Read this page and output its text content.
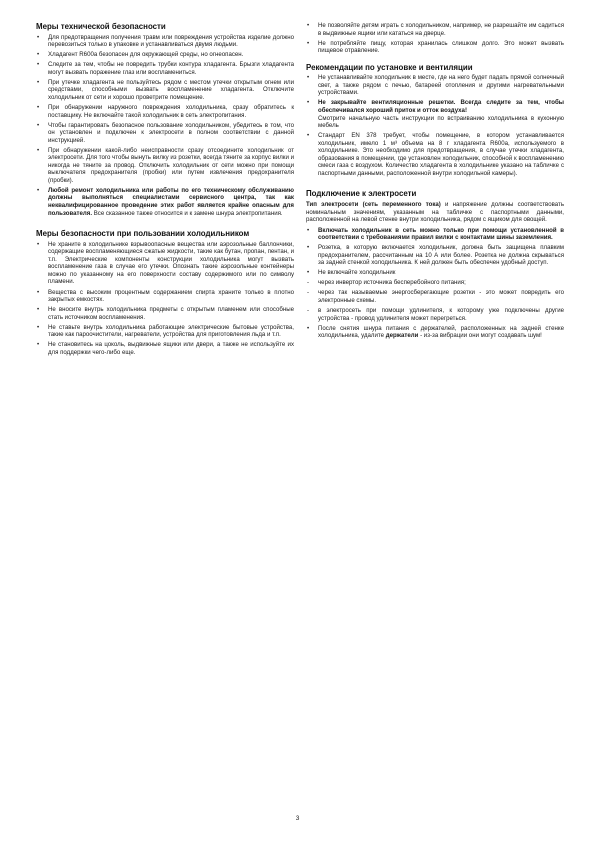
Меры технической безопасности
•	Для предотвращения получения травм или повреждения устройства изделие должно перевозиться только в упаковке и устанавливаться двумя людьми.
•	Хладагент R600a безопасен для окружающей среды, но огнеопасен.
•	Следите за тем, чтобы не повредить трубки контура хладагента. Брызги хладагента могут вызвать поражение глаз или воспламениться.
•	При утечке хладагента не пользуйтесь рядом с местом утечки открытым огнем или средствами, способными вызвать воспламенение хладагента. Отключите холодильник от сети и хорошо проветрите помещение.
•	При обнаружении наружного повреждения холодильника, сразу обратитесь к поставщику. Не включайте такой холодильник в сеть электропитания.
•	Чтобы гарантировать безопасное пользование холодильником, убедитесь в том, что он установлен и подключен к электросети в полном соответствии с данной инструкцией.
•	При обнаружении какой-либо неисправности сразу отсоедините холодильник от электросети. Для того чтобы вынуть вилку из розетки, всегда тяните за корпус вилки и никогда не тяните за провод. Отключить холодильник от сети можно при помощи выключателя предохранителя (пробки) или путем извлечения предохранителя (пробки).
•	Любой ремонт холодильника или работы по его техническому обслуживанию должны выполняться специалистами сервисного центра, так как неквалифицированное проведение этих работ является крайне опасным для пользователя. Все сказанное также относится и к замене шнура электропитания.
Меры безопасности при пользовании холодильником
•	Не храните в холодильнике взрывоопасные вещества или аэрозольные баллончики, содержащие воспламеняющиеся сжатые жидкости, такие как бутан, пропан, пентан, и т.п. Электрические компоненты конструкции холодильника могут вызвать воспламенение газа в случае его утечки. Опознать такие аэрозольные контейнеры можно по указанному на его поверхности составу содержимого или по символу пламени.
•	Вещества с высоким процентным содержанием спирта храните только в плотно закрытых емкостях.
•	Не вносите внутрь холодильника предметы с открытым пламенем или способные стать источником воспламенения.
•	Не ставьте внутрь холодильника работающие электрические бытовые устройства, такие как пароочистители, нагреватели, устройства для приготовления льда и т.п.
•	Не становитесь на цоколь, выдвижные ящики или двери, а также не используйте их для поддержки чего-либо еще.
•	Не позволяйте детям играть с холодильником, например, не разрешайте им садиться в выдвижные ящики или кататься на дверце.
•	Не потребляйте пищу, которая хранилась слишком долго. Это может вызвать пищевое отравление.
Рекомендации по установке и вентиляции
•	Не устанавливайте холодильник в месте, где на него будет падать прямой солнечный свет, а также рядом с печью, батареей отопления и другими нагревательными устройствами.
•	Не закрывайте вентиляционные решетки. Всегда следите за тем, чтобы обеспечивался хороший приток и отток воздуха!
Смотрите начальную часть инструкции по встраиванию холодильника в кухонную мебель
•	Стандарт EN 378 требует, чтобы помещение, в котором устанавливается холодильник, имело 1 м³ объема на 8 г хладагента R600a, используемого в холодильнике. Это необходимо для предотвращения, в случае утечки хладагента, образования в помещении, где установлен холодильник, способной к воспламенению смеси газа с воздухом. Количество хладагента в холодильнике указано на табличке с паспортными данными, расположенной внутри холодильной камеры).
Подключение к электросети

Тип электросети (сеть переменного тока) и напряжение должны соответствовать номинальным значениям, указанным на табличке с паспортными данными, расположенной на левой стенке внутри холодильника, рядом с ящиком для овощей.

•	Включать холодильник в сеть можно только при помощи установленной в соответствии с требованиями правил вилки с контактами шины заземления.
•	Розетка, в которую включается холодильник, должна быть защищена плавким предохранителем, рассчитанным на 10 А или более. Розетка не должна скрываться за задней стенкой холодильника. К ней должен быть обеспечен удобный доступ.
•	Не включайте холодильник
-	через инвертор источника бесперебойного питания;
-	через так называемые энергосберегающие розетки - это может повредить его электронные схемы.
-	в электросеть при помощи удлинителя, к которому уже подключены другие устройства - провод удлинителя может перегреться.
•	После снятия шнура питания с держателей, расположенных на задней стенке холодильника, удалите держатели - из-за вибрации они могут создавать шум!
3
